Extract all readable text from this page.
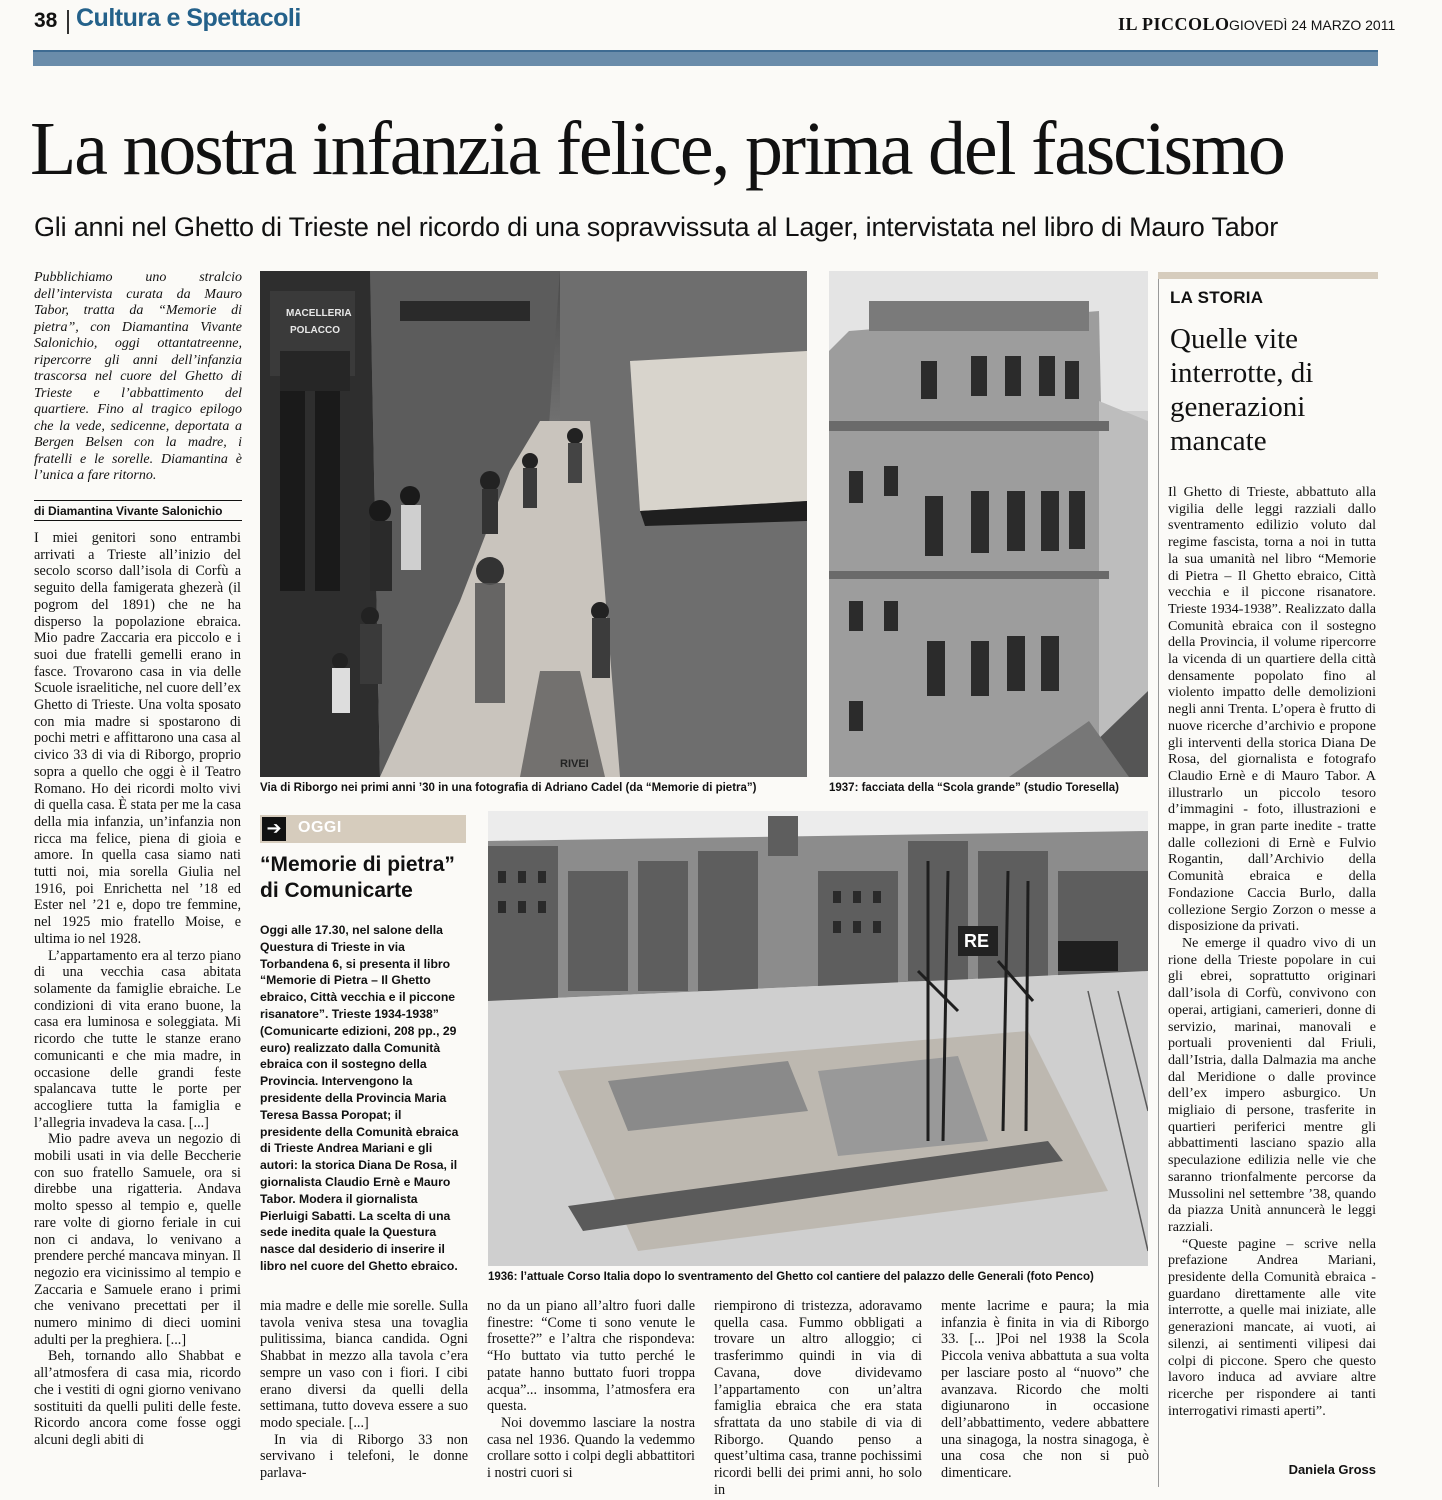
38 Cultura e Spettacoli	IL PICCOLO GIOVEDÌ 24 MARZO 2011
La nostra infanzia felice, prima del fascismo
Gli anni nel Ghetto di Trieste nel ricordo di una sopravvissuta al Lager, intervistata nel libro di Mauro Tabor
Pubblichiamo uno stralcio dell’intervista curata da Mauro Tabor, tratta da “Memorie di pietra”, con Diamantina Vivante Salonichio, oggi ottantatreenne, ripercorre gli anni dell’infanzia trascorsa nel cuore del Ghetto di Trieste e l’abbattimento del quartiere. Fino al tragico epilogo che la vede, sedicenne, deportata a Bergen Belsen con la madre, i fratelli e le sorelle. Diamantina è l’unica a fare ritorno.
di Diamantina Vivante Salonichio

I miei genitori sono entrambi arrivati a Trieste all’inizio del secolo scorso dall’isola di Corfù a seguito della famigerata ghezerà (il pogrom del 1891) che ne ha disperso la popolazione ebraica. Mio padre Zaccaria era piccolo e i suoi due fratelli gemelli erano in fasce. Trovarono casa in via delle Scuole israelitiche, nel cuore dell’ex Ghetto di Trieste. Una volta sposato con mia madre si spostarono di pochi metri e affittarono una casa al civico 33 di via di Riborgo, proprio sopra a quello che oggi è il Teatro Romano. Ho dei ricordi molto vivi di quella casa. È stata per me la casa della mia infanzia, un’infanzia non ricca ma felice, piena di gioia e amore. In quella casa siamo nati tutti noi, mia sorella Giulia nel 1916, poi Enrichetta nel ’18 ed Ester nel ’21 e, dopo tre femmine, nel 1925 mio fratello Moise, e ultima io nel 1928.

L’appartamento era al terzo piano di una vecchia casa abitata solamente da famiglie ebraiche. Le condizioni di vita erano buone, la casa era luminosa e soleggiata. Mi ricordo che tutte le stanze erano comunicanti e che mia madre, in occasione delle grandi feste spalancava tutte le porte per accogliere tutta la famiglia e l’allegria invadeva la casa. [...]

Mio padre aveva un negozio di mobili usati in via delle Beccherie con suo fratello Samuele, ora si direbbe una rigatteria. Andava molto spesso al tempio e, quelle rare volte di giorno feriale in cui non ci andava, lo venivano a prendere perché mancava minyan. Il negozio era vicinissimo al tempio e Zaccaria e Samuele erano i primi che venivano precettati per il numero minimo di dieci uomini adulti per la preghiera. [...]

Beh, tornando allo Shabbat e all’atmosfera di casa mia, ricordo che i vestiti di ogni giorno venivano sostituiti da quelli puliti delle feste. Ricordo ancora come fosse oggi alcuni degli abiti di

MACELLERIA
POLACCO
RIVEI
Via di Riborgo nei primi anni ’30 in una fotografia di Adriano Cadel (da “Memorie di pietra”)	1937: facciata della “Scola grande” (studio Toresella)
➔ OGGI
“Memorie di pietra” di Comunicarte
Oggi alle 17.30, nel salone della Questura di Trieste in via Torbandena 6, si presenta il libro “Memorie di Pietra – Il Ghetto ebraico, Città vecchia e il piccone risanatore”. Trieste 1934-1938” (Comunicarte edizioni, 208 pp., 29 euro) realizzato dalla Comunità ebraica con il sostegno della Provincia. Intervengono la presidente della Provincia Maria Teresa Bassa Poropat; il presidente della Comunità ebraica di Trieste Andrea Mariani e gli autori: la storica Diana De Rosa, il giornalista Claudio Ernè e Mauro Tabor. Modera il giornalista Pierluigi Sabatti. La scelta di una sede inedita quale la Questura nasce dal desiderio di inserire il libro nel cuore del Ghetto ebraico.
RE
1936: l’attuale Corso Italia dopo lo sventramento del Ghetto col cantiere del palazzo delle Generali (foto Penco)

mia madre e delle mie sorelle. Sulla tavola veniva stesa una tovaglia pulitissima, bianca candida. Ogni Shabbat in mezzo alla tavola c’era sempre un vaso con i fiori. I cibi erano diversi da quelli della settimana, tutto doveva essere a suo modo speciale. [...]

In via di Riborgo 33 non servivano i telefoni, le donne parlava-

no da un piano all’altro fuori dalle finestre: “Come ti sono venute le frosette?” e l’altra che rispondeva: “Ho buttato via tutto perché le patate hanno buttato fuori troppa acqua”... insomma, l’atmosfera era questa.

Noi dovemmo lasciare la nostra casa nel 1936. Quando la vedemmo crollare sotto i colpi degli abbattitori i nostri cuori si

riempirono di tristezza, adoravamo quella casa. Fummo obbligati a trovare un altro alloggio; ci trasferimmo quindi in via di Cavana, dove dividevamo l’appartamento con un’altra famiglia ebraica che era stata sfrattata da uno stabile di via di Riborgo. Quando penso a quest’ultima casa, tranne pochissimi ricordi belli dei primi anni, ho solo in

mente lacrime e paura; la mia infanzia è finita in via di Riborgo 33. [... ]Poi nel 1938 la Scola Piccola veniva abbattuta a sua volta per lasciare posto al “nuovo” che avanzava. Ricordo che molti digiunarono in occasione dell’abbattimento, vedere abbattere una sinagoga, la nostra sinagoga, è una cosa che non si può dimenticare.

LA STORIA
Quelle vite interrotte, di generazioni mancate

Il Ghetto di Trieste, abbattuto alla vigilia delle leggi razziali dallo sventramento edilizio voluto dal regime fascista, torna a noi in tutta la sua umanità nel libro “Memorie di Pietra – Il Ghetto ebraico, Città vecchia e il piccone risanatore. Trieste 1934-1938”. Realizzato dalla Comunità ebraica con il sostegno della Provincia, il volume ripercorre la vicenda di un quartiere della città densamente popolato fino al violento impatto delle demolizioni negli anni Trenta. L’opera è frutto di nuove ricerche d’archivio e propone gli interventi della storica Diana De Rosa, del giornalista e fotografo Claudio Ernè e di Mauro Tabor. A illustrarlo un piccolo tesoro d’immagini - foto, illustrazioni e mappe, in gran parte inedite - tratte dalle collezioni di Ernè e Fulvio Rogantin, dall’Archivio della Comunità ebraica e della Fondazione Caccia Burlo, dalla collezione Sergio Zorzon o messe a disposizione da privati.

Ne emerge il quadro vivo di un rione della Trieste popolare in cui gli ebrei, soprattutto originari dall’isola di Corfù, convivono con operai, artigiani, camerieri, donne di servizio, marinai, manovali e portuali provenienti dal Friuli, dall’Istria, dalla Dalmazia ma anche dal Meridione o dalle province dell’ex impero asburgico. Un migliaio di persone, trasferite in quartieri periferici mentre gli abbattimenti lasciano spazio alla speculazione edilizia nelle vie che saranno trionfalmente percorse da Mussolini nel settembre ’38, quando da piazza Unità annuncerà le leggi razziali.

“Queste pagine – scrive nella prefazione Andrea Mariani, presidente della Comunità ebraica - guardano direttamente alle vite interrotte, a quelle mai iniziate, alle generazioni mancate, ai vuoti, ai silenzi, ai sentimenti vilipesi dai colpi di piccone. Spero che questo lavoro induca ad avviare altre ricerche per rispondere ai tanti interrogativi rimasti aperti”.

Daniela Gross
